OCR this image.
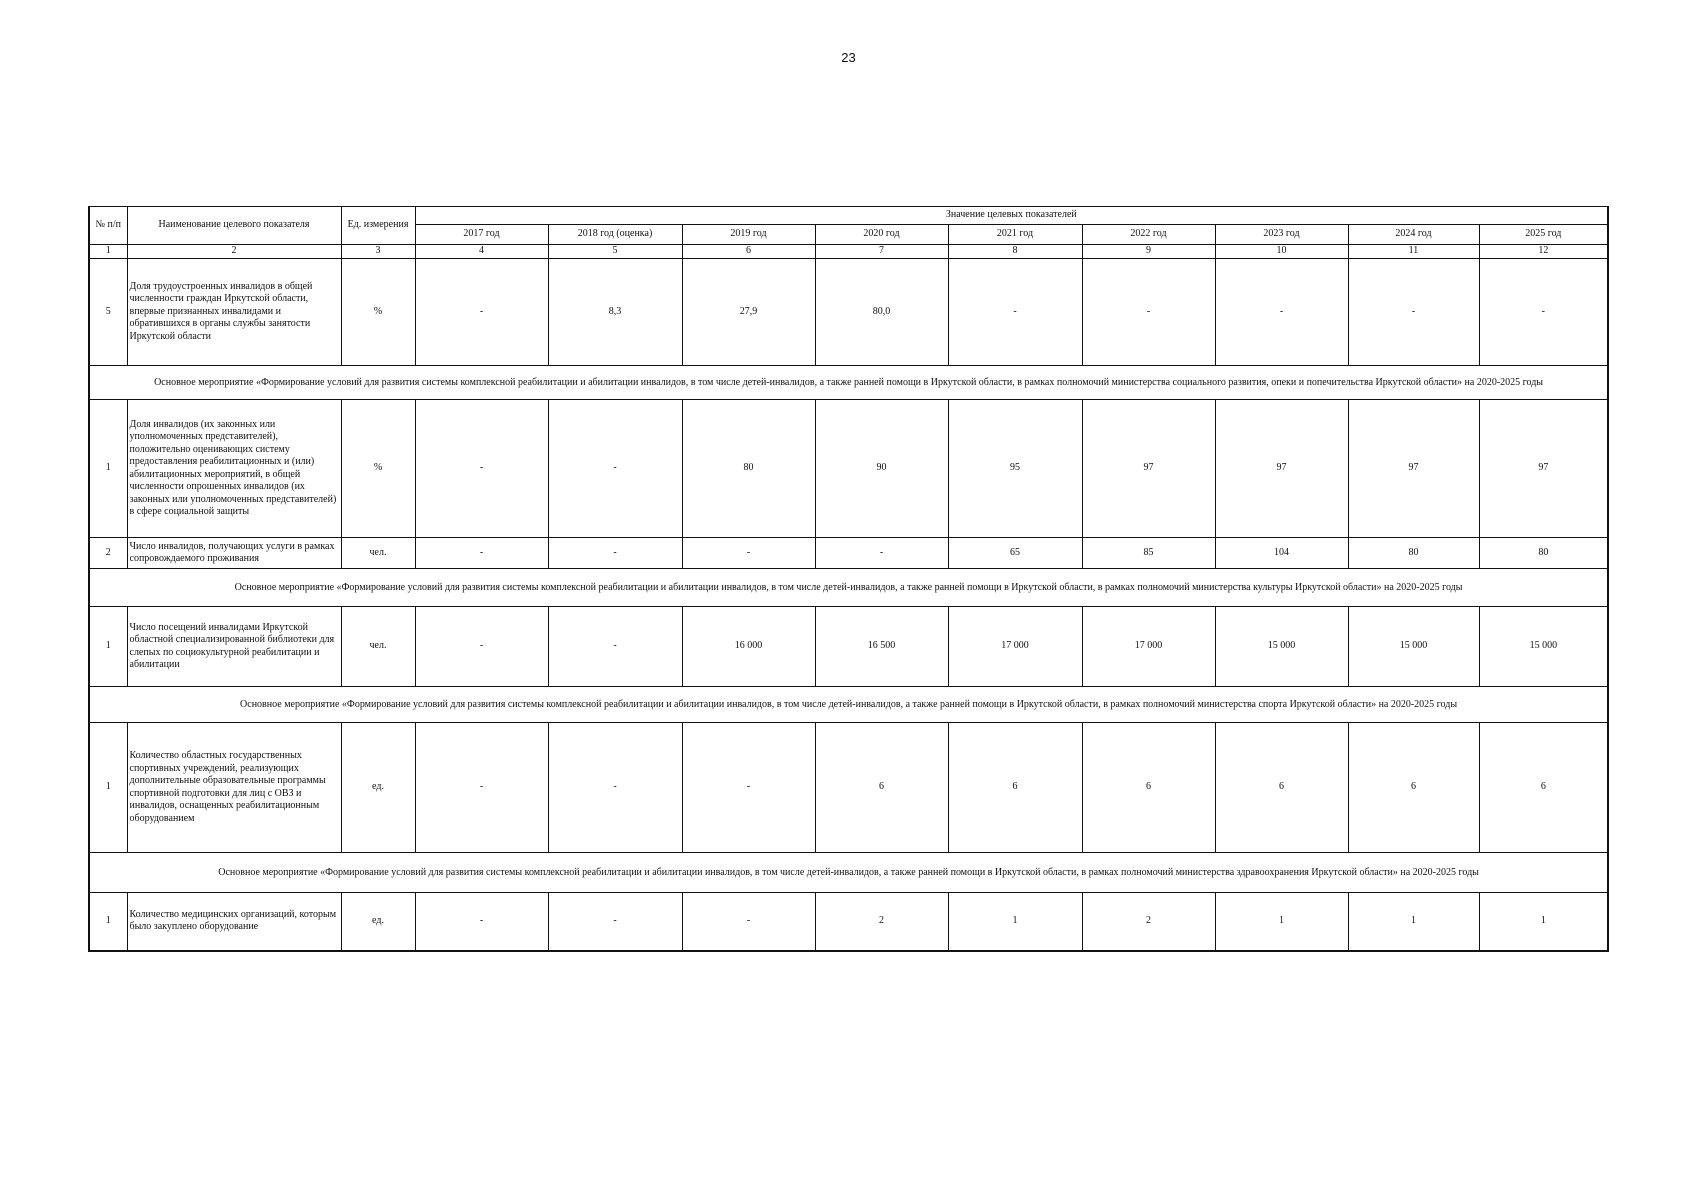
23
№ п/п	Наименование целевого показателя	Ед. измерения	Значение целевых показателей								
			2017 год	2018 год (оценка)	2019 год	2020 год	2021 год	2022 год	2023 год	2024 год	2025 год
1	2	3	4	5	6	7	8	9	10	11	12
5	Доля трудоустроенных инвалидов в общей численности граждан Иркутской области, впервые признанных инвалидами и обратившихся в органы службы занятости Иркутской области	%	-	8,3	27,9	80,0	-	-	-	-	-
Основное мероприятие «Формирование условий для развития системы комплексной реабилитации и абилитации инвалидов, в том числе детей-инвалидов, а также ранней помощи в Иркутской области, в рамках полномочий министерства социального развития, опеки и попечительства Иркутской области» на 2020-2025 годы											
1	Доля инвалидов (их законных или уполномоченных представителей), положительно оценивающих систему предоставления реабилитационных и (или) абилитационных мероприятий, в общей численности опрошенных инвалидов (их законных или уполномоченных представителей) в сфере социальной защиты	%	-	-	80	90	95	97	97	97	97
2	Число инвалидов, получающих услуги в рамках сопровождаемого проживания	чел.	-	-	-	-	65	85	104	80	80
Основное мероприятие «Формирование условий для развития системы комплексной реабилитации и абилитации инвалидов, в том числе детей-инвалидов, а также ранней помощи в Иркутской области, в рамках полномочий министерства культуры Иркутской области» на 2020-2025 годы											
1	Число посещений инвалидами Иркутской областной специализированной библиотеки для слепых по социокультурной реабилитации и абилитации	чел.	-	-	16 000	16 500	17 000	17 000	15 000	15 000	15 000
Основное мероприятие «Формирование условий для развития системы комплексной реабилитации и абилитации инвалидов, в том числе детей-инвалидов, а также ранней помощи в Иркутской области, в рамках полномочий министерства спорта Иркутской области» на 2020-2025 годы											
1	Количество областных государственных спортивных учреждений, реализующих дополнительные образовательные программы спортивной подготовки для лиц с ОВЗ и инвалидов, оснащенных реабилитационным оборудованием	ед.	-	-	-	6	6	6	6	6	6
Основное мероприятие «Формирование условий для развития системы комплексной реабилитации и абилитации инвалидов, в том числе детей-инвалидов, а также ранней помощи в Иркутской области, в рамках полномочий министерства здравоохранения Иркутской области» на 2020-2025 годы											
1	Количество медицинских организаций, которым было закуплено оборудование	ед.	-	-	-	2	1	2	1	1	1
